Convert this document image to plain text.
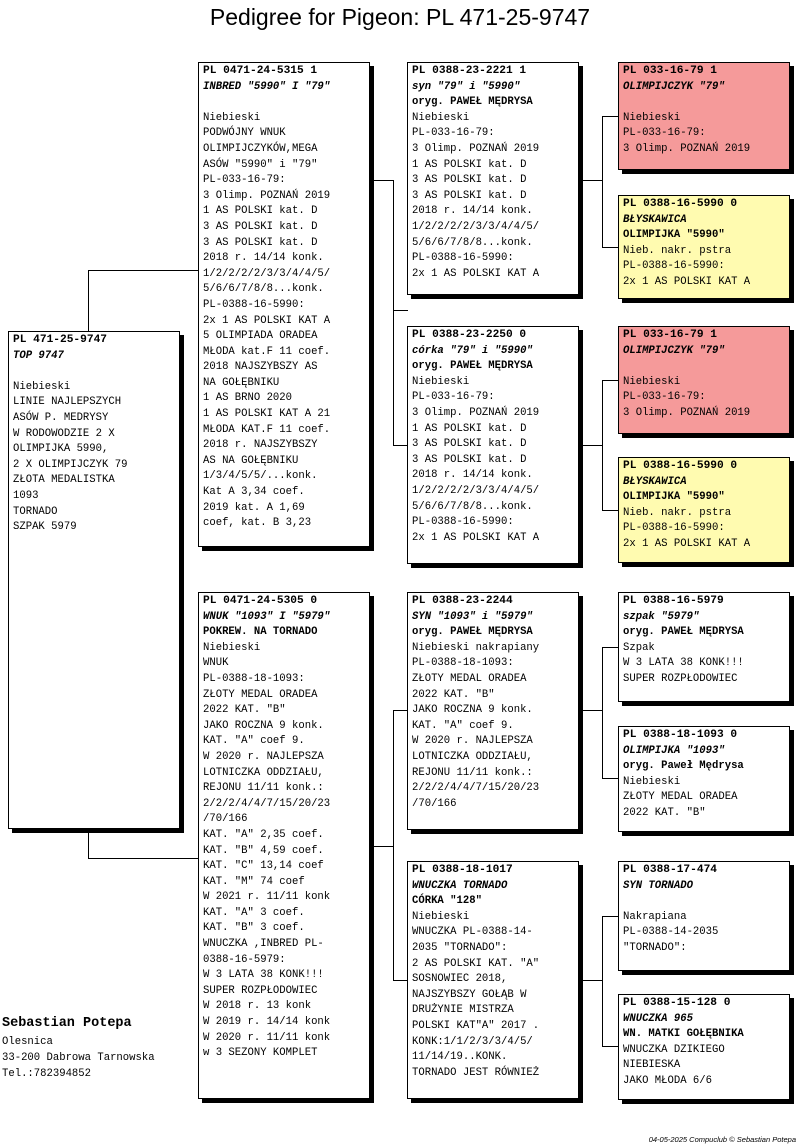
Pedigree for Pigeon: PL 471-25-9747
PL 471-25-9747
TOP 9747
Niebieski
LINIE NAJLEPSZYCH
ASÓW P. MEDRYSY
W RODOWODZIE 2 X
OLIMPIJKA 5990,
2 X OLIMPIJCZYK 79
ZŁOTA MEDALISTKA
1093
TORNADO
SZPAK 5979
PL 0471-24-5315 1
INBRED "5990" I "79"
Niebieski
PODWÓJNY WNUK
OLIMPIJCZYKÓW,MEGA
ASÓW "5990" i "79"
PL-033-16-79:
3 Olimp. POZNAŃ 2019
1 AS POLSKI kat. D
3 AS POLSKI kat. D
3 AS POLSKI kat. D
2018 r. 14/14 konk.
1/2/2/2/2/3/3/4/4/5/
5/6/6/7/8/8...konk.
PL-0388-16-5990:
2x 1 AS POLSKI KAT A
5 OLIMPIADA ORADEA
MŁODA kat.F 11 coef.
2018 NAJSZYBSZY AS
NA GOŁĘBNIKU
1 AS BRNO 2020
1 AS POLSKI KAT A 21
MŁODA KAT.F 11 coef.
2018 r. NAJSZYBSZY
AS NA GOŁĘBNIKU
1/3/4/5/5/...konk.
Kat A 3,34 coef.
2019 kat. A 1,69
coef, kat. B 3,23
PL 0471-24-5305 0
WNUK "1093" I "5979"
POKREW. NA TORNADO
Niebieski
WNUK
PL-0388-18-1093:
ZŁOTY MEDAL ORADEA
2022 KAT. "B"
JAKO ROCZNA 9 konk.
KAT. "A" coef 9.
W 2020 r. NAJLEPSZA
LOTNICZKA ODDZIAŁU,
REJONU 11/11 konk.:
2/2/2/4/4/7/15/20/23
/70/166
KAT. "A" 2,35 coef.
KAT. "B" 4,59 coef.
KAT. "C" 13,14 coef
KAT. "M" 74 coef
W 2021 r. 11/11 konk
KAT. "A" 3 coef.
KAT. "B" 3 coef.
WNUCZKA ,INBRED PL-
0388-16-5979:
W 3 LATA 38 KONK!!!
SUPER ROZPŁODOWIEC
W 2018 r. 13 konk
W 2019 r. 14/14 konk
W 2020 r. 11/11 konk
w 3 SEZONY KOMPLET
PL 0388-23-2221 1
syn "79" i "5990"
oryg. PAWEŁ MĘDRYSA
Niebieski
PL-033-16-79:
3 Olimp. POZNAŃ 2019
1 AS POLSKI kat. D
3 AS POLSKI kat. D
3 AS POLSKI kat. D
2018 r. 14/14 konk.
1/2/2/2/2/3/3/4/4/5/
5/6/6/7/8/8...konk.
PL-0388-16-5990:
2x 1 AS POLSKI KAT A
PL 0388-23-2250 0
córka "79" i "5990"
oryg. PAWEŁ MĘDRYSA
Niebieski
PL-033-16-79:
3 Olimp. POZNAŃ 2019
1 AS POLSKI kat. D
3 AS POLSKI kat. D
3 AS POLSKI kat. D
2018 r. 14/14 konk.
1/2/2/2/2/3/3/4/4/5/
5/6/6/7/8/8...konk.
PL-0388-16-5990:
2x 1 AS POLSKI KAT A
PL 0388-23-2244
SYN "1093" i "5979"
oryg. PAWEŁ MĘDRYSA
Niebieski nakrapiany
PL-0388-18-1093:
ZŁOTY MEDAL ORADEA
2022 KAT. "B"
JAKO ROCZNA 9 konk.
KAT. "A" coef 9.
W 2020 r. NAJLEPSZA
LOTNICZKA ODDZIAŁU,
REJONU 11/11 konk.:
2/2/2/4/4/7/15/20/23
/70/166
PL 0388-18-1017
WNUCZKA TORNADO
CÓRKA "128"
Niebieski
WNUCZKA PL-0388-14-
2035 "TORNADO":
2 AS POLSKI KAT. "A"
SOSNOWIEC 2018,
NAJSZYBSZY GOŁĄB W
DRUŻYNIE MISTRZA
POLSKI KAT"A" 2017 .
KONK:1/1/2/3/3/4/5/
11/14/19..KONK.
TORNADO JEST RÓWNIEŻ
PL 033-16-79 1
OLIMPIJCZYK "79"
Niebieski
PL-033-16-79:
3 Olimp. POZNAŃ 2019
PL 0388-16-5990 0
BŁYSKAWICA
OLIMPIJKA "5990"
Nieb. nakr. pstra
PL-0388-16-5990:
2x 1 AS POLSKI KAT A
PL 033-16-79 1
OLIMPIJCZYK "79"
Niebieski
PL-033-16-79:
3 Olimp. POZNAŃ 2019
PL 0388-16-5990 0
BŁYSKAWICA
OLIMPIJKA "5990"
Nieb. nakr. pstra
PL-0388-16-5990:
2x 1 AS POLSKI KAT A
PL 0388-16-5979
szpak "5979"
oryg. PAWEŁ MĘDRYSA
Szpak
W 3 LATA 38 KONK!!!
SUPER ROZPŁODOWIEC
PL 0388-18-1093 0
OLIMPIJKA "1093"
oryg. Paweł Mędrysa
Niebieski
ZŁOTY MEDAL ORADEA
2022 KAT. "B"
PL 0388-17-474
SYN TORNADO
Nakrapiana
PL-0388-14-2035
"TORNADO":
PL 0388-15-128 0
WNUCZKA 965
WN. MATKI GOŁĘBNIKA
WNUCZKA DZIKIEGO
NIEBIESKA
JAKO MŁODA 6/6
Sebastian Potepa
Olesnica
33-200 Dabrowa Tarnowska
Tel.:782394852
04-05-2025 Compuclub © Sebastian Potepa
